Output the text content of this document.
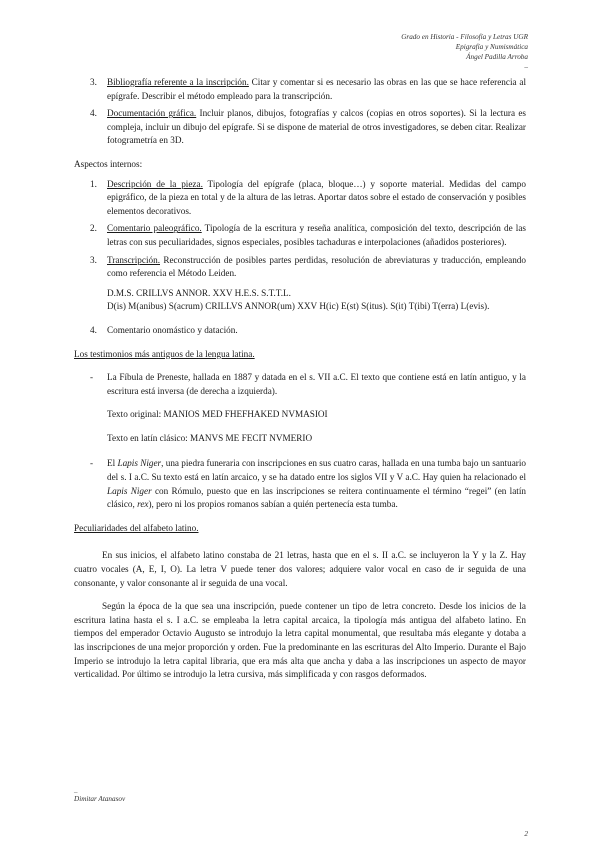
Grado en Historia - Filosofía y Letras UGR
Epigrafía y Numismática
Ángel Padilla Arroba
_
3. Bibliografía referente a la inscripción. Citar y comentar si es necesario las obras en las que se hace referencia al epígrafe. Describir el método empleado para la transcripción.
4. Documentación gráfica. Incluir planos, dibujos, fotografías y calcos (copias en otros soportes). Si la lectura es compleja, incluir un dibujo del epígrafe. Si se dispone de material de otros investigadores, se deben citar. Realizar fotogrametría en 3D.

Aspectos internos:

1. Descripción de la pieza. Tipología del epígrafe (placa, bloque…) y soporte material. Medidas del campo epigráfico, de la pieza en total y de la altura de las letras. Aportar datos sobre el estado de conservación y posibles elementos decorativos.
2. Comentario paleográfico. Tipología de la escritura y reseña analítica, composición del texto, descripción de las letras con sus peculiaridades, signos especiales, posibles tachaduras e interpolaciones (añadidos posteriores).
3. Transcripción. Reconstrucción de posibles partes perdidas, resolución de abreviaturas y traducción, empleando como referencia el Método Leiden.

D.M.S. CRILLVS ANNOR. XXV H.E.S. S.T.T.L.

D(is) M(anibus) S(acrum) CRILLVS ANNOR(um) XXV H(ic) E(st) S(itus). S(it) T(ibi) T(erra) L(evis).

4. Comentario onomástico y datación.

Los testimonios más antiguos de la lengua latina.

- La Fíbula de Preneste, hallada en 1887 y datada en el s. VII a.C. El texto que contiene está en latín antiguo, y la escritura está inversa (de derecha a izquierda).

Texto original: MANIOS MED FHEFHAKED NVMASIOI

Texto en latín clásico: MANVS ME FECIT NVMERIO

- El Lapis Niger, una piedra funeraria con inscripciones en sus cuatro caras, hallada en una tumba bajo un santuario del s. I a.C. Su texto está en latín arcaico, y se ha datado entre los siglos VII y V a.C. Hay quien ha relacionado el Lapis Niger con Rómulo, puesto que en las inscripciones se reitera continuamente el término “regei” (en latín clásico, rex), pero ni los propios romanos sabían a quién pertenecía esta tumba.

Peculiaridades del alfabeto latino.

En sus inicios, el alfabeto latino constaba de 21 letras, hasta que en el s. II a.C. se incluyeron la Y y la Z. Hay cuatro vocales (A, E, I, O). La letra V puede tener dos valores; adquiere valor vocal en caso de ir seguida de una consonante, y valor consonante al ir seguida de una vocal.

Según la época de la que sea una inscripción, puede contener un tipo de letra concreto. Desde los inicios de la escritura latina hasta el s. I a.C. se empleaba la letra capital arcaica, la tipología más antigua del alfabeto latino. En tiempos del emperador Octavio Augusto se introdujo la letra capital monumental, que resultaba más elegante y dotaba a las inscripciones de una mejor proporción y orden. Fue la predominante en las escrituras del Alto Imperio. Durante el Bajo Imperio se introdujo la letra capital libraria, que era más alta que ancha y daba a las inscripciones un aspecto de mayor verticalidad. Por último se introdujo la letra cursiva, más simplificada y con rasgos deformados.

_
Dimitar Atanasov
2
